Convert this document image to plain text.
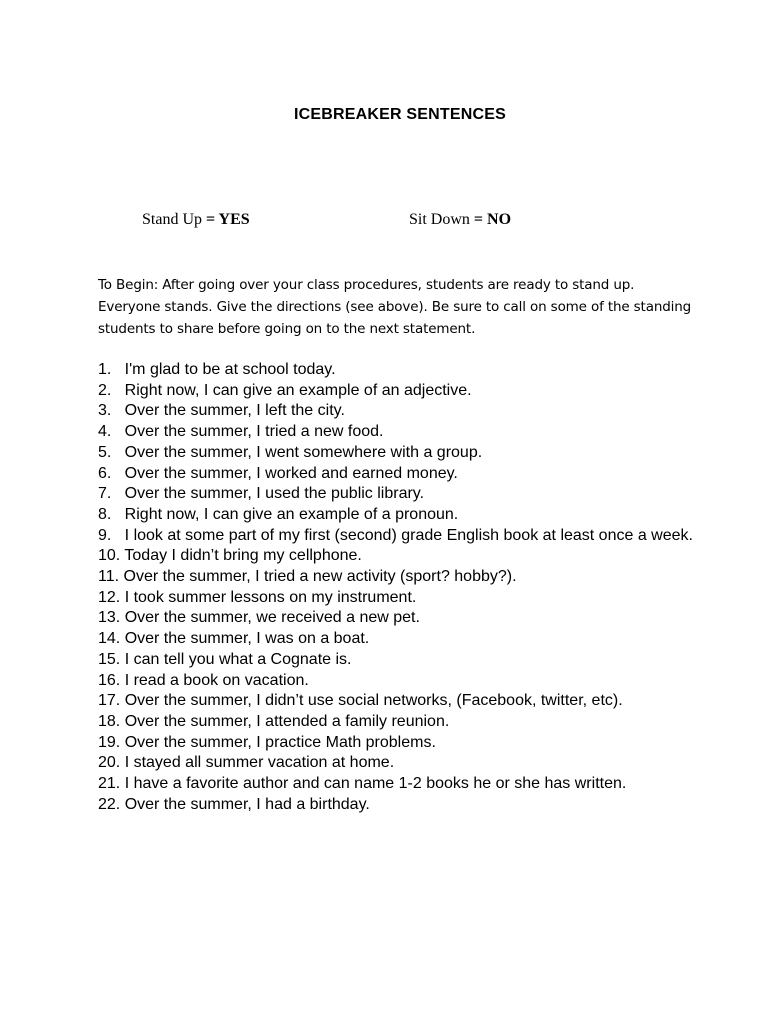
ICEBREAKER SENTENCES
Stand Up = YES	Sit Down = NO
To Begin: After going over your class procedures, students are ready to stand up. Everyone stands. Give the directions (see above). Be sure to call on some of the standing students to share before going on to the next statement.
1.   I'm glad to be at school today.
2.   Right now, I can give an example of an adjective.
3.   Over the summer, I left the city.
4.   Over the summer, I tried a new food.
5.   Over the summer, I went somewhere with a group.
6.   Over the summer, I worked and earned money.
7.   Over the summer, I used the public library.
8.   Right now, I can give an example of a pronoun.
9.   I look at some part of my first (second) grade English book at least once a week.
10. Today I didn’t bring my cellphone.
11. Over the summer, I tried a new activity (sport? hobby?).
12. I took summer lessons on my instrument.
13. Over the summer, we received a new pet.
14. Over the summer, I was on a boat.
15. I can tell you what a Cognate is.
16. I read a book on vacation.
17. Over the summer, I didn’t use social networks, (Facebook, twitter, etc).
18. Over the summer, I attended a family reunion.
19. Over the summer, I practice Math problems.
20. I stayed all summer vacation at home.
21. I have a favorite author and can name 1-2 books he or she has written.
22. Over the summer, I had a birthday.
